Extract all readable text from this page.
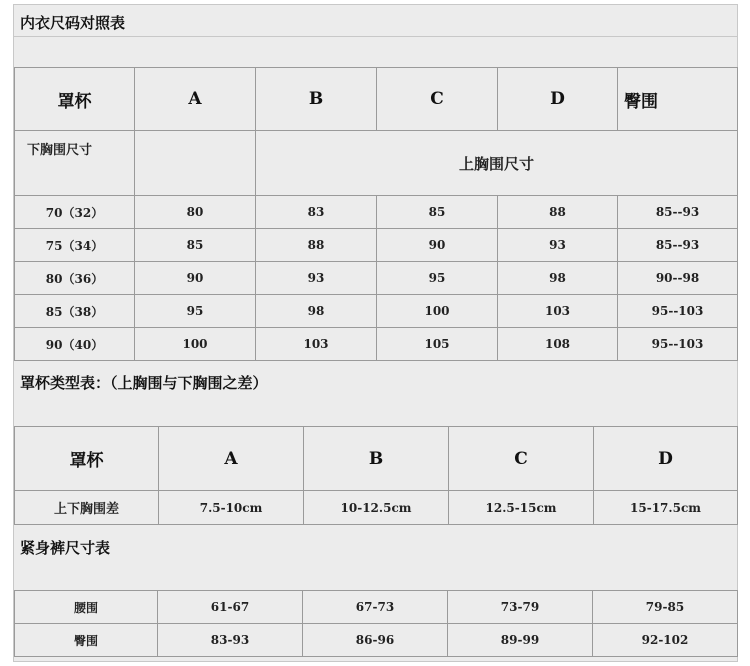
内衣尺码对照表
罩杯	A	B	C	D	臀围
下胸围尺寸		上胸围尺寸			
70（32）	80	83	85	88	85--93
75（34）	85	88	90	93	85--93
80（36）	90	93	95	98	90--98
85（38）	95	98	100	103	95--103
90（40）	100	103	105	108	95--103
罩杯类型表：（上胸围与下胸围之差）
罩杯	A	B	C	D
上下胸围差	7.5-10cm	10-12.5cm	12.5-15cm	15-17.5cm
紧身裤尺寸表
腰围	61-67	67-73	73-79	79-85
臀围	83-93	86-96	89-99	92-102
